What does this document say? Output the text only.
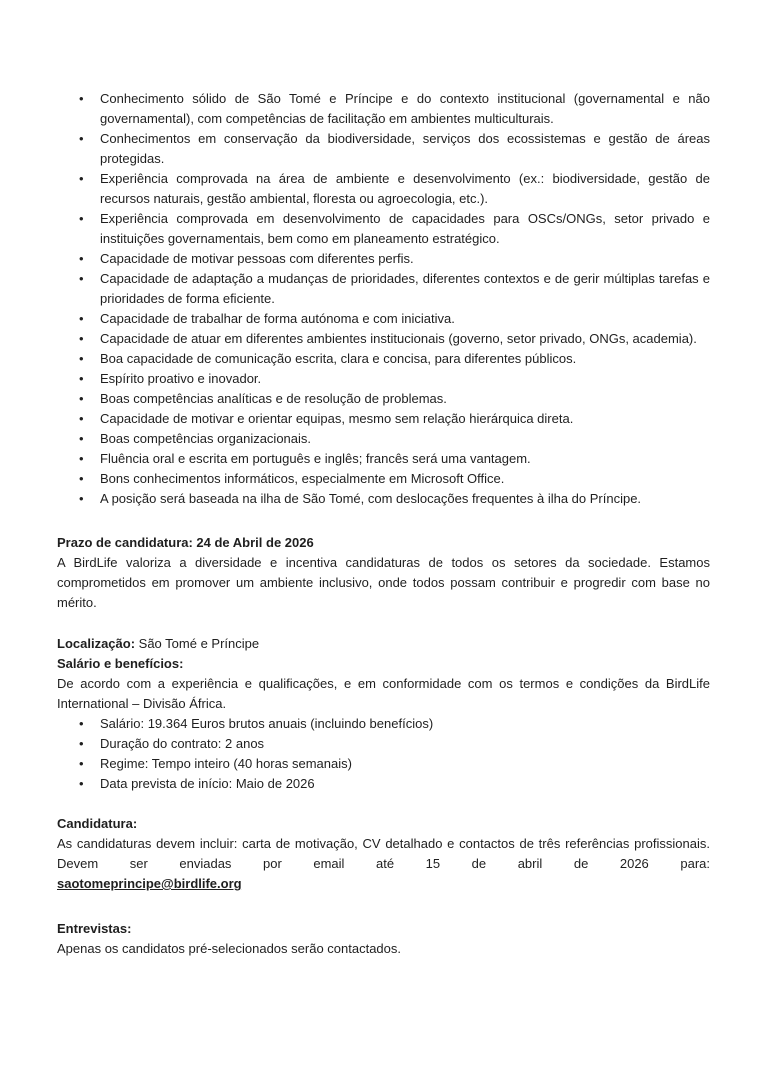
• Conhecimento sólido de São Tomé e Príncipe e do contexto institucional (governamental e não governamental), com competências de facilitação em ambientes multiculturais.
• Conhecimentos em conservação da biodiversidade, serviços dos ecossistemas e gestão de áreas protegidas.
• Experiência comprovada na área de ambiente e desenvolvimento (ex.: biodiversidade, gestão de recursos naturais, gestão ambiental, floresta ou agroecologia, etc.).
• Experiência comprovada em desenvolvimento de capacidades para OSCs/ONGs, setor privado e instituições governamentais, bem como em planeamento estratégico.
• Capacidade de motivar pessoas com diferentes perfis.
• Capacidade de adaptação a mudanças de prioridades, diferentes contextos e de gerir múltiplas tarefas e prioridades de forma eficiente.
• Capacidade de trabalhar de forma autónoma e com iniciativa.
• Capacidade de atuar em diferentes ambientes institucionais (governo, setor privado, ONGs, academia).
• Boa capacidade de comunicação escrita, clara e concisa, para diferentes públicos.
• Espírito proativo e inovador.
• Boas competências analíticas e de resolução de problemas.
• Capacidade de motivar e orientar equipas, mesmo sem relação hierárquica direta.
• Boas competências organizacionais.
• Fluência oral e escrita em português e inglês; francês será uma vantagem.
• Bons conhecimentos informáticos, especialmente em Microsoft Office.
• A posição será baseada na ilha de São Tomé, com deslocações frequentes à ilha do Príncipe.

Prazo de candidatura: 24 de Abril de 2026

A BirdLife valoriza a diversidade e incentiva candidaturas de todos os setores da sociedade. Estamos comprometidos em promover um ambiente inclusivo, onde todos possam contribuir e progredir com base no mérito.

Localização: São Tomé e Príncipe

Salário e benefícios:

De acordo com a experiência e qualificações, e em conformidade com os termos e condições da BirdLife International – Divisão África.

• Salário: 19.364 Euros brutos anuais (incluindo benefícios)
• Duração do contrato: 2 anos
• Regime: Tempo inteiro (40 horas semanais)
• Data prevista de início: Maio de 2026

Candidatura:

As candidaturas devem incluir: carta de motivação, CV detalhado e contactos de três referências profissionais. Devem ser enviadas por email até 15 de abril de 2026 para:

saotomeprincipe@birdlife.org

Entrevistas:

Apenas os candidatos pré-selecionados serão contactados.
